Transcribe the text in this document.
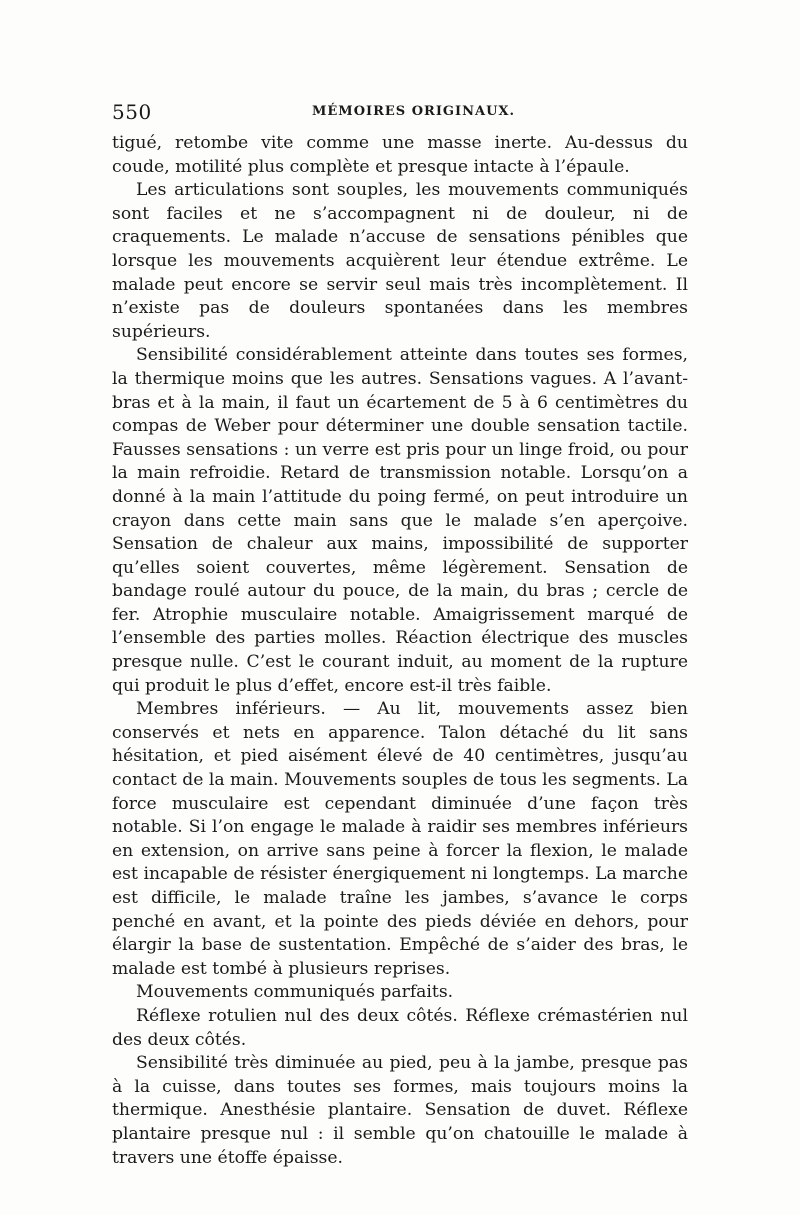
550	MÉMOIRES ORIGINAUX.

tigué, retombe vite comme une masse inerte. Au-dessus du coude, motilité plus complète et presque intacte à l’épaule.

Les articulations sont souples, les mouvements communiqués sont faciles et ne s’accompagnent ni de douleur, ni de craquements. Le malade n’accuse de sensations pénibles que lorsque les mouvements acquièrent leur étendue extrême. Le malade peut encore se servir seul mais très incomplètement. Il n’existe pas de douleurs spontanées dans les membres supérieurs.

Sensibilité considérablement atteinte dans toutes ses formes, la thermique moins que les autres. Sensations vagues. A l’avant-bras et à la main, il faut un écartement de 5 à 6 centimètres du compas de Weber pour déterminer une double sensation tactile. Fausses sensations : un verre est pris pour un linge froid, ou pour la main refroidie. Retard de transmission notable. Lorsqu’on a donné à la main l’attitude du poing fermé, on peut introduire un crayon dans cette main sans que le malade s’en aperçoive. Sensation de chaleur aux mains, impossibilité de supporter qu’elles soient couvertes, même légèrement. Sensation de bandage roulé autour du pouce, de la main, du bras ; cercle de fer. Atrophie musculaire notable. Amaigrissement marqué de l’ensemble des parties molles. Réaction électrique des muscles presque nulle. C’est le courant induit, au moment de la rupture qui produit le plus d’effet, encore est-il très faible.

Membres inférieurs. — Au lit, mouvements assez bien conservés et nets en apparence. Talon détaché du lit sans hésitation, et pied aisément élevé de 40 centimètres, jusqu’au contact de la main. Mouvements souples de tous les segments. La force musculaire est cependant diminuée d’une façon très notable. Si l’on engage le malade à raidir ses membres inférieurs en extension, on arrive sans peine à forcer la flexion, le malade est incapable de résister énergiquement ni longtemps. La marche est difficile, le malade traîne les jambes, s’avance le corps penché en avant, et la pointe des pieds déviée en dehors, pour élargir la base de sustentation. Empêché de s’aider des bras, le malade est tombé à plusieurs reprises.

Mouvements communiqués parfaits.

Réflexe rotulien nul des deux côtés. Réflexe crémastérien nul des deux côtés.

Sensibilité très diminuée au pied, peu à la jambe, presque pas à la cuisse, dans toutes ses formes, mais toujours moins la thermique. Anesthésie plantaire. Sensation de duvet. Réflexe plantaire presque nul : il semble qu’on chatouille le malade à travers une étoffe épaisse.
